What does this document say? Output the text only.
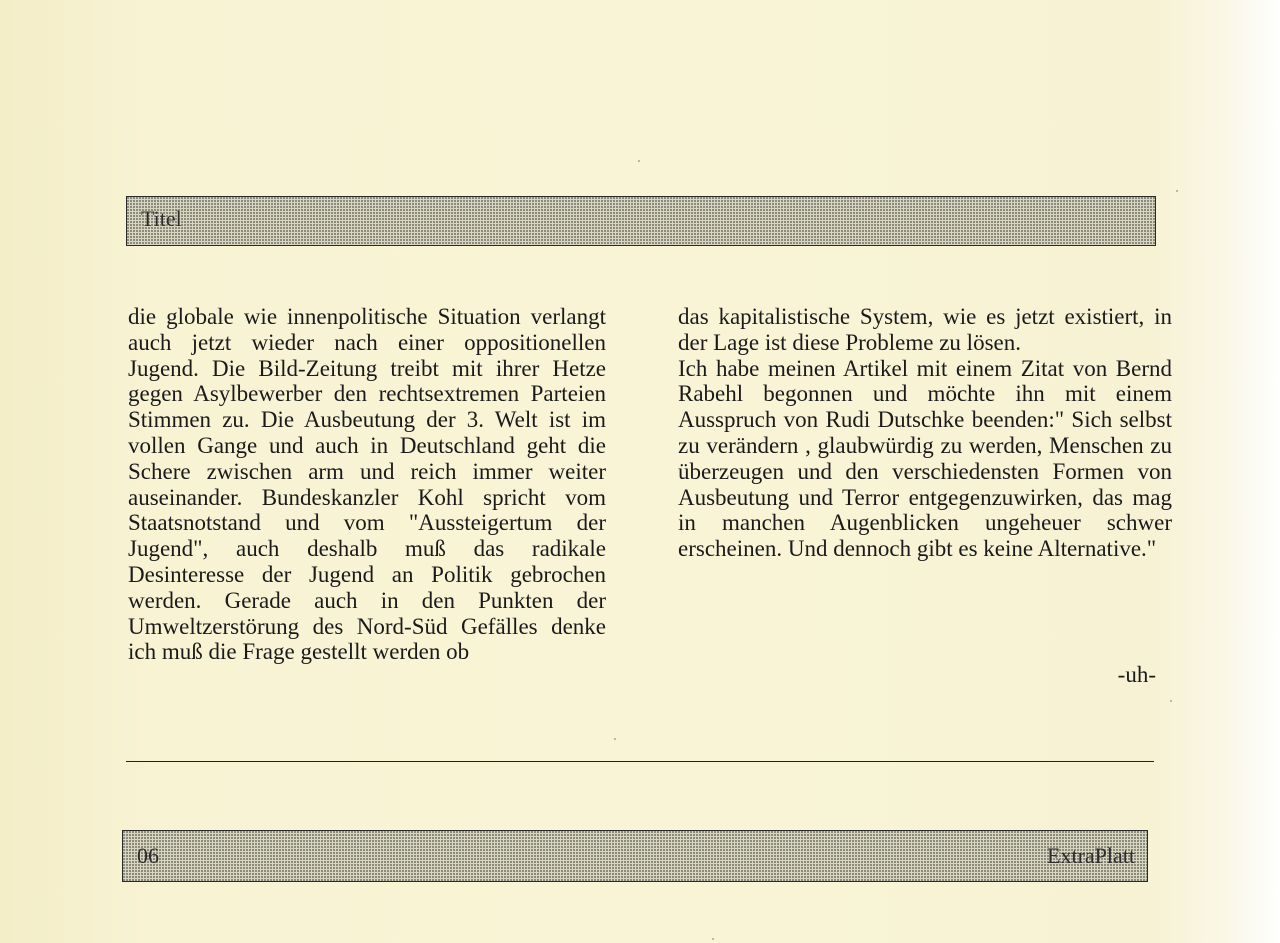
Titel

die globale wie innenpolitische Situation verlangt auch jetzt wieder nach einer oppositionellen Jugend. Die Bild-Zeitung treibt mit ihrer Hetze gegen Asylbewerber den rechtsextremen Parteien Stimmen zu. Die Ausbeutung der 3. Welt ist im vollen Gange und auch in Deutschland geht die Schere zwischen arm und reich immer weiter auseinander. Bundeskanzler Kohl spricht vom Staatsnotstand und vom "Aussteigertum der Jugend", auch deshalb muß das radikale Desinteresse der Jugend an Politik gebrochen werden. Gerade auch in den Punkten der Umweltzerstörung des Nord-Süd Gefälles denke ich muß die Frage gestellt werden ob

das kapitalistische System, wie es jetzt existiert, in der Lage ist diese Probleme zu lösen.

Ich habe meinen Artikel mit einem Zitat von Bernd Rabehl begonnen und möchte ihn mit einem Ausspruch von Rudi Dutschke beenden:" Sich selbst zu verändern , glaubwürdig zu werden, Menschen zu überzeugen und den verschiedensten Formen von Ausbeutung und Terror entgegenzuwirken, das mag in manchen Augenblicken ungeheuer schwer erscheinen. Und dennoch gibt es keine Alternative."

-uh-
06	ExtraPlatt
